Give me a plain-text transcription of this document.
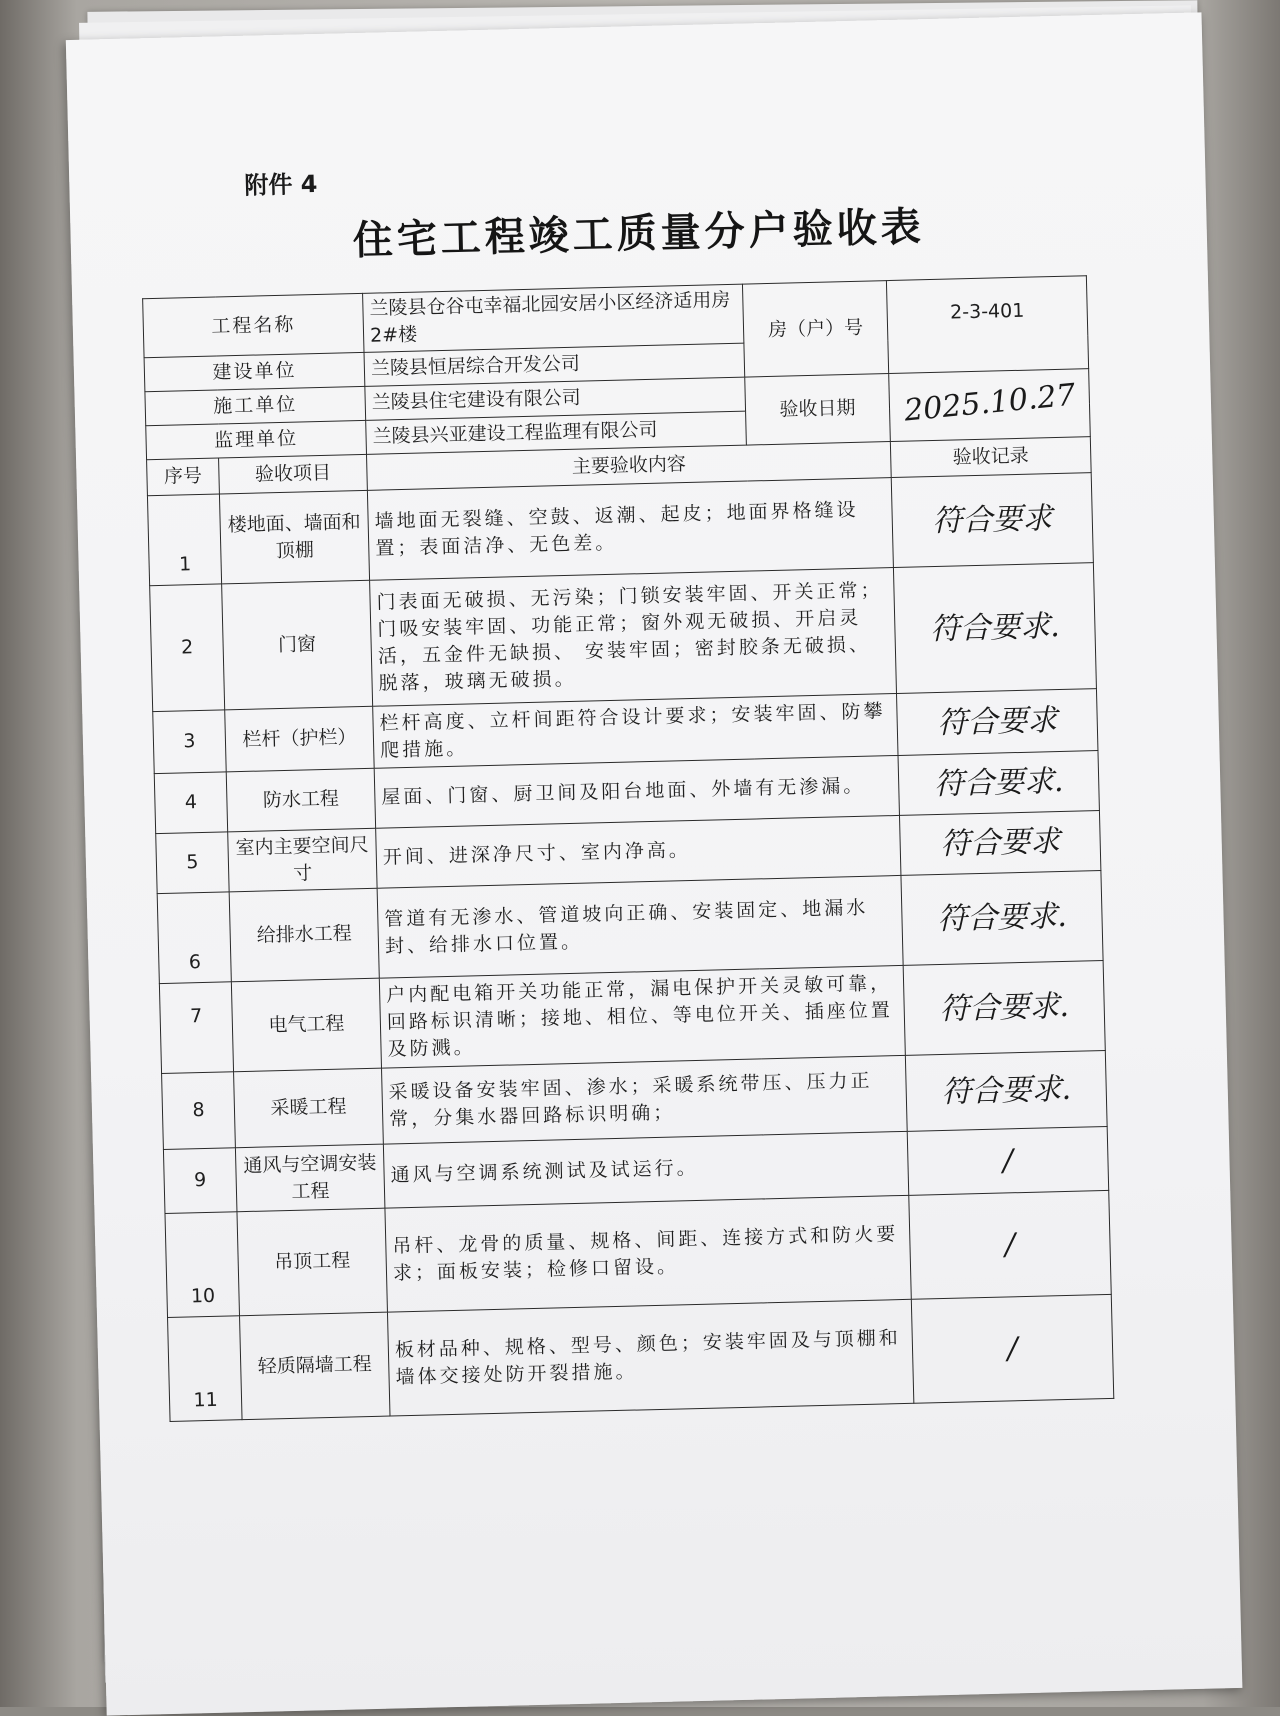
附件 4
住宅工程竣工质量分户验收表
工程名称		兰陵县仓谷屯幸福北园安居小区经济适用房2#楼	房（户）号	2-3-401
建设单位		兰陵县恒居综合开发公司		
施工单位		兰陵县住宅建设有限公司	验收日期	2025.10.27
监理单位		兰陵县兴亚建设工程监理有限公司		
序号	验收项目	主要验收内容		验收记录
1	楼地面、墙面和顶棚	墙地面无裂缝、空鼓、返潮、起皮；地面界格缝设置；表面洁净、无色差。		符合要求
2	门窗	门表面无破损、无污染；门锁安装牢固、开关正常；门吸安装牢固、功能正常；窗外观无破损、开启灵活，五金件无缺损、 安装牢固；密封胶条无破损、脱落，玻璃无破损。		符合要求.
3	栏杆（护栏）	栏杆高度、立杆间距符合设计要求；安装牢固、防攀爬措施。		符合要求
4	防水工程	屋面、门窗、厨卫间及阳台地面、外墙有无渗漏。		符合要求.
5	室内主要空间尺寸	开间、进深净尺寸、室内净高。		符合要求
6	给排水工程	管道有无渗水、管道坡向正确、安装固定、地漏水封、给排水口位置。		符合要求.
7	电气工程	户内配电箱开关功能正常，漏电保护开关灵敏可靠，回路标识清晰；接地、相位、等电位开关、插座位置及防溅。		符合要求.
8	采暖工程	采暖设备安装牢固、渗水；采暖系统带压、压力正常，分集水器回路标识明确；		符合要求.
9	通风与空调安装工程	通风与空调系统测试及试运行。		/
10	吊顶工程	吊杆、龙骨的质量、规格、间距、连接方式和防火要求；面板安装；检修口留设。		/
11	轻质隔墙工程	板材品种、规格、型号、颜色；安装牢固及与顶棚和墙体交接处防开裂措施。		/
